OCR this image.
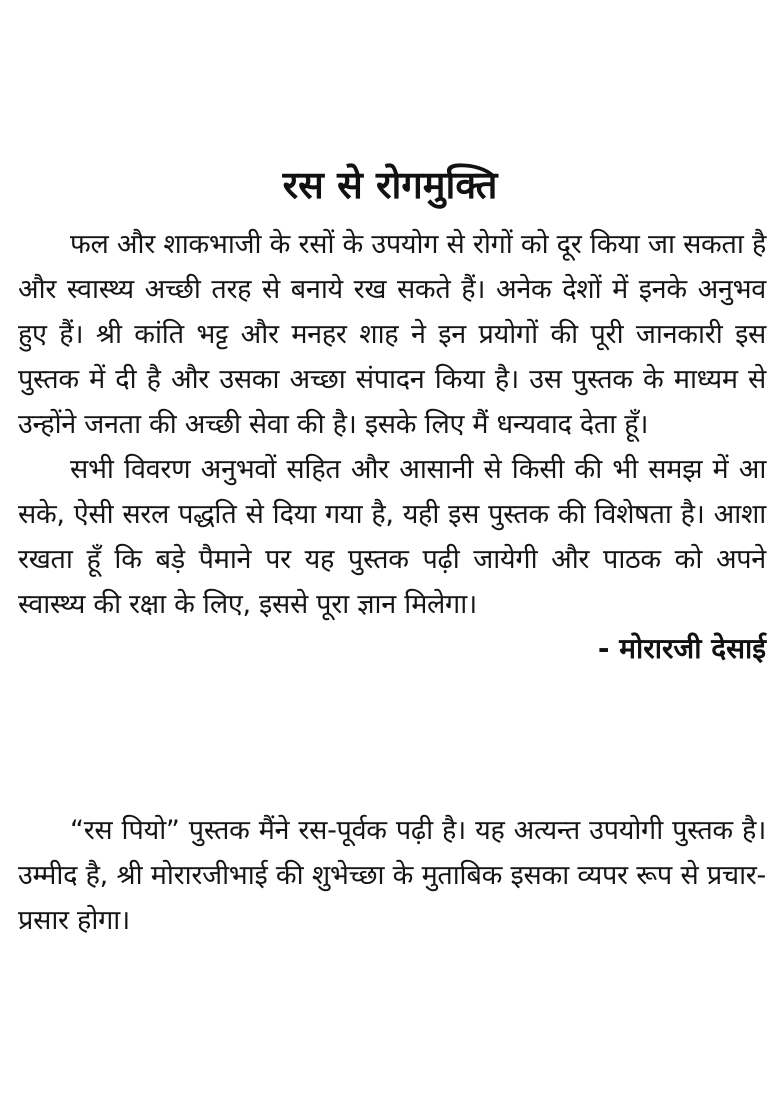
रस से रोगमुक्ति

फल और शाकभाजी के रसों के उपयोग से रोगों को दूर किया जा सकता है और स्वास्थ्य अच्छी तरह से बनाये रख सकते हैं। अनेक देशों में इनके अनुभव हुए हैं। श्री कांति भट्ट और मनहर शाह ने इन प्रयोगों की पूरी जानकारी इस पुस्तक में दी है और उसका अच्छा संपादन किया है। उस पुस्तक के माध्यम से उन्होंने जनता की अच्छी सेवा की है। इसके लिए मैं धन्यवाद देता हूँ।

सभी विवरण अनुभवों सहित और आसानी से किसी की भी समझ में आ सके, ऐसी सरल पद्धति से दिया गया है, यही इस पुस्तक की विशेषता है। आशा रखता हूँ कि बड़े पैमाने पर यह पुस्तक पढ़ी जायेगी और पाठक को अपने स्वास्थ्य की रक्षा के लिए, इससे पूरा ज्ञान मिलेगा।

- मोरारजी देसाई

“रस पियो” पुस्तक मैंने रस-पूर्वक पढ़ी है। यह अत्यन्त उपयोगी पुस्तक है। उम्मीद है, श्री मोरारजीभाई की शुभेच्छा के मुताबिक इसका व्यपर रूप से प्रचार-प्रसार होगा।
